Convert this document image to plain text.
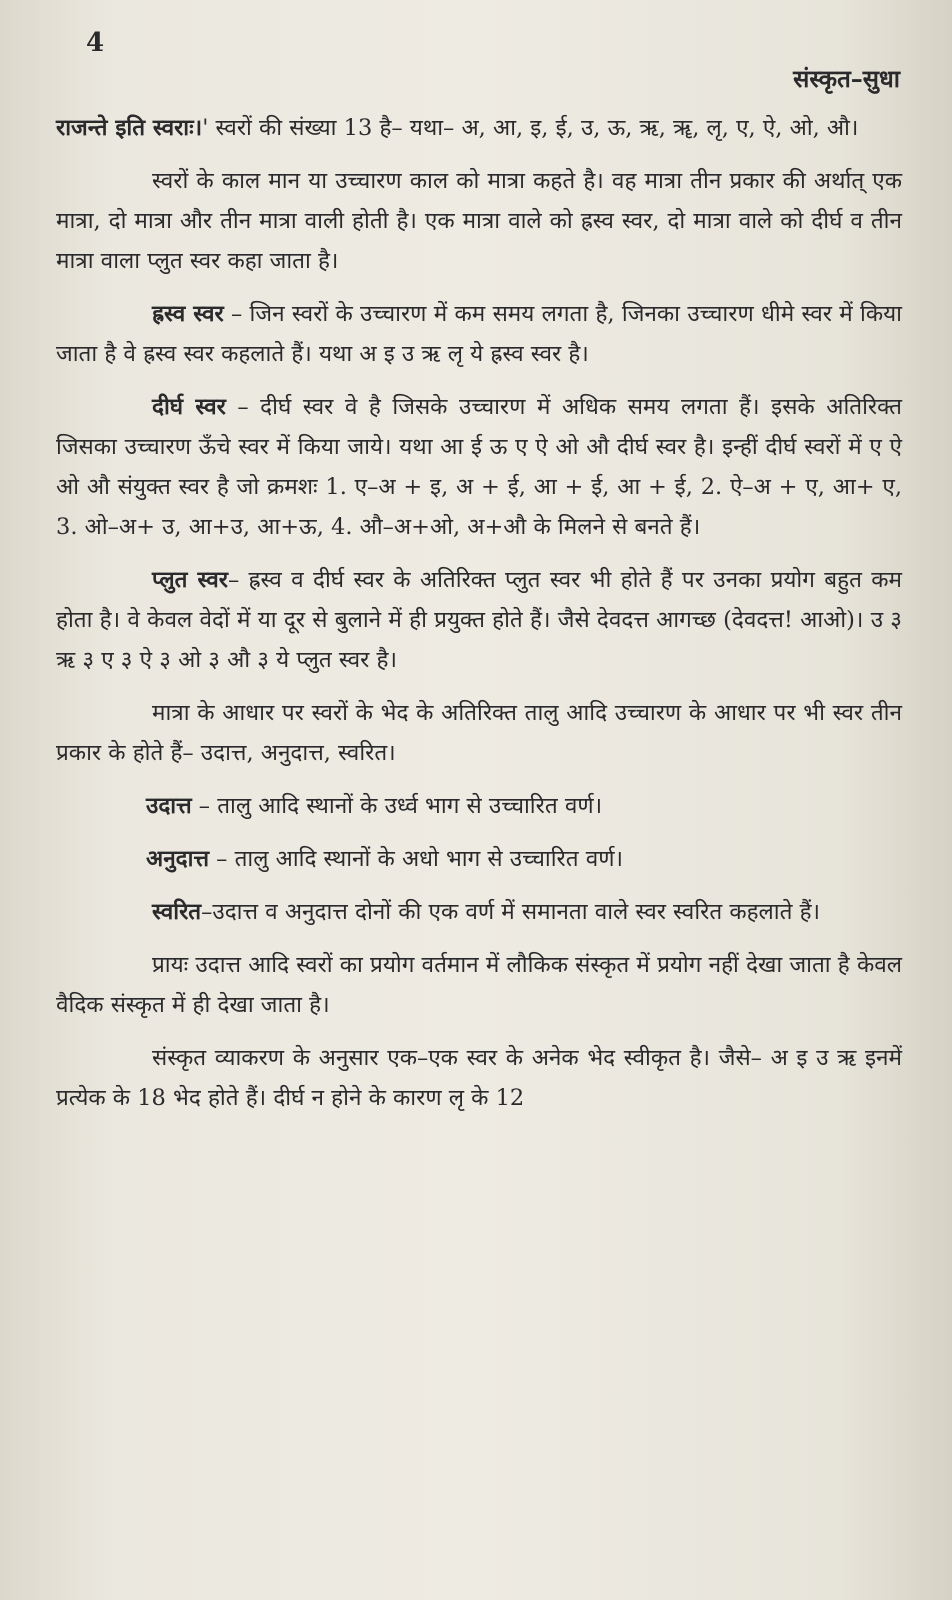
4
संस्कृत–सुधा

राजन्ते इति स्वराः।' स्वरों की संख्या 13 है– यथा– अ, आ, इ, ई, उ, ऊ, ऋ, ॠ, लृ, ए, ऐ, ओ, औ।

स्वरों के काल मान या उच्चारण काल को मात्रा कहते है। वह मात्रा तीन प्रकार की अर्थात् एक मात्रा, दो मात्रा और तीन मात्रा वाली होती है। एक मात्रा वाले को ह्रस्व स्वर, दो मात्रा वाले को दीर्घ व तीन मात्रा वाला प्लुत स्वर कहा जाता है।

ह्रस्व स्वर – जिन स्वरों के उच्चारण में कम समय लगता है, जिनका उच्चारण धीमे स्वर में किया जाता है वे ह्रस्व स्वर कहलाते हैं। यथा अ इ उ ऋ लृ ये ह्रस्व स्वर है।

दीर्घ स्वर – दीर्घ स्वर वे है जिसके उच्चारण में अधिक समय लगता हैं। इसके अतिरिक्त जिसका उच्चारण ऊँचे स्वर में किया जाये। यथा आ ई ऊ ए ऐ ओ औ दीर्घ स्वर है। इन्हीं दीर्घ स्वरों में ए ऐ ओ औ संयुक्त स्वर है जो क्रमशः 1. ए–अ + इ, अ + ई, आ + ई, आ + ई, 2. ऐ–अ + ए, आ+ ए, 3. ओ–अ+ उ, आ+उ, आ+ऊ, 4. औ–अ+ओ, अ+औ के मिलने से बनते हैं।

प्लुत स्वर– ह्रस्व व दीर्घ स्वर के अतिरिक्त प्लुत स्वर भी होते हैं पर उनका प्रयोग बहुत कम होता है। वे केवल वेदों में या दूर से बुलाने में ही प्रयुक्त होते हैं। जैसे देवदत्त आगच्छ (देवदत्त! आओ)। उ ३ ऋ ३ ए ३ ऐ ३ ओ ३ औ ३ ये प्लुत स्वर है।

मात्रा के आधार पर स्वरों के भेद के अतिरिक्त तालु आदि उच्चारण के आधार पर भी स्वर तीन प्रकार के होते हैं– उदात्त, अनुदात्त, स्वरित।

उदात्त – तालु आदि स्थानों के उर्ध्व भाग से उच्चारित वर्ण।

अनुदात्त – तालु आदि स्थानों के अधो भाग से उच्चारित वर्ण।

स्वरित–उदात्त व अनुदात्त दोनों की एक वर्ण में समानता वाले स्वर स्वरित कहलाते हैं।

प्रायः उदात्त आदि स्वरों का प्रयोग वर्तमान में लौकिक संस्कृत में प्रयोग नहीं देखा जाता है केवल वैदिक संस्कृत में ही देखा जाता है।

संस्कृत व्याकरण के अनुसार एक–एक स्वर के अनेक भेद स्वीकृत है। जैसे– अ इ उ ऋ इनमें प्रत्येक के 18 भेद होते हैं। दीर्घ न होने के कारण लृ के 12
